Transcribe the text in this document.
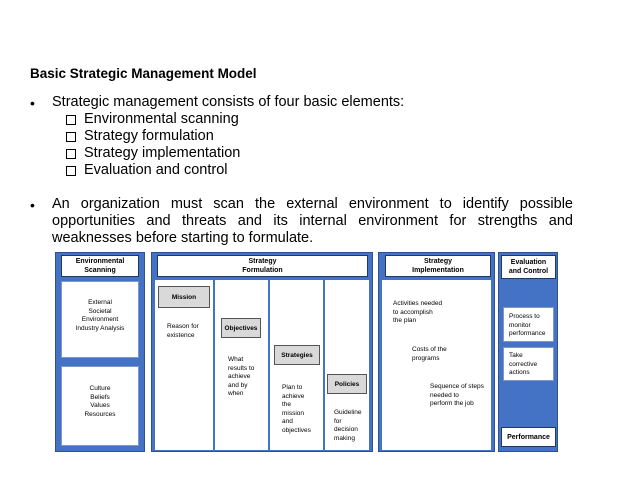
Basic Strategic Management Model
• Strategic management consists of four basic elements:
Environmental scanning
Strategy formulation
Strategy implementation
Evaluation and control
• An organization must scan the external environment to identify possible
opportunities and threats and its internal environment for strengths and
weaknesses before starting to formulate.
Environmental
Scanning
External
Societal
Environment
Industry Analysis
Culture
Beliefs
Values
Resources
Strategy
Formulation
Mission
Reason for
existence
Objectives
What
results to
achieve
and by
when
Strategies
Plan to
achieve
the
mission
and
objectives
Policies
Guideline
for
decision
making
Strategy
Implementation
Activities needed
to accomplish
the plan
Costs of the
programs
Sequence of steps
needed to
perform the job
Evaluation
and Control
Process to
monitor
performance
Take
corrective
actions
Performance
